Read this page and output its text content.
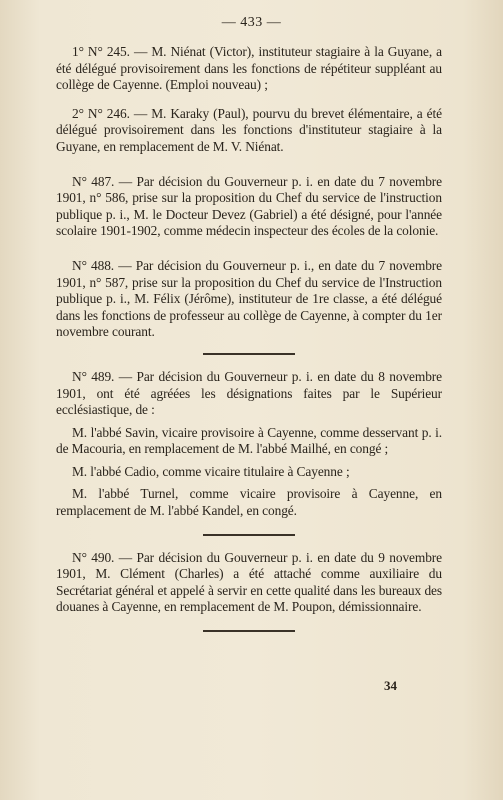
— 433 —

1° N° 245. — M. Niénat (Victor), instituteur stagiaire à la Guyane, a été délégué provisoirement dans les fonctions de répétiteur suppléant au collège de Cayenne. (Emploi nouveau) ;

2° N° 246. — M. Karaky (Paul), pourvu du brevet élémentaire, a été délégué provisoirement dans les fonctions d'instituteur stagiaire à la Guyane, en remplacement de M. V. Niénat.

N° 487. — Par décision du Gouverneur p. i. en date du 7 novembre 1901, n° 586, prise sur la proposition du Chef du service de l'instruction publique p. i., M. le Docteur Devez (Gabriel) a été désigné, pour l'année scolaire 1901-1902, comme médecin inspecteur des écoles de la colonie.

N° 488. — Par décision du Gouverneur p. i., en date du 7 novembre 1901, n° 587, prise sur la proposition du Chef du service de l'Instruction publique p. i., M. Félix (Jérôme), instituteur de 1re classe, a été délégué dans les fonctions de professeur au collège de Cayenne, à compter du 1er novembre courant.

N° 489. — Par décision du Gouverneur p. i. en date du 8 novembre 1901, ont été agréées les désignations faites par le Supérieur ecclésiastique, de :

M. l'abbé Savin, vicaire provisoire à Cayenne, comme desservant p. i. de Macouria, en remplacement de M. l'abbé Mailhé, en congé ;

M. l'abbé Cadio, comme vicaire titulaire à Cayenne ;

M. l'abbé Turnel, comme vicaire provisoire à Cayenne, en remplacement de M. l'abbé Kandel, en congé.

N° 490. — Par décision du Gouverneur p. i. en date du 9 novembre 1901, M. Clément (Charles) a été attaché comme auxiliaire du Secrétariat général et appelé à servir en cette qualité dans les bureaux des douanes à Cayenne, en remplacement de M. Poupon, démissionnaire.

34
